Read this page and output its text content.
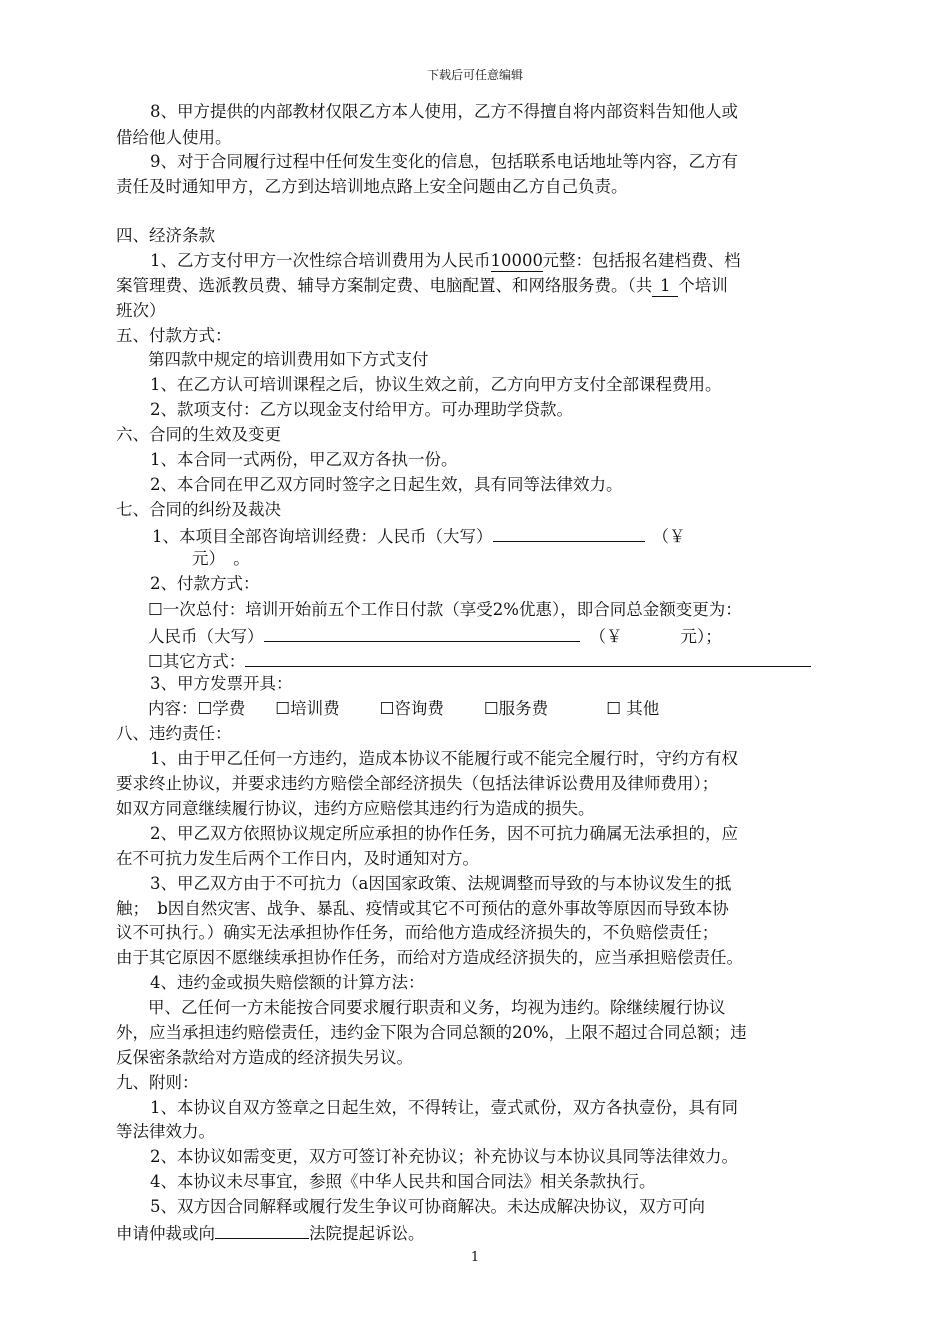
下载后可任意编辑
8、甲方提供的内部教材仅限乙方本人使用，乙方不得擅自将内部资料告知他人或
借给他人使用。
9、对于合同履行过程中任何发生变化的信息，包括联系电话地址等内容，乙方有
责任及时通知甲方，乙方到达培训地点路上安全问题由乙方自己负责。
四、经济条款
1、乙方支付甲方一次性综合培训费用为人民币10000元整：包括报名建档费、档
案管理费、选派教员费、辅导方案制定费、电脑配置、和网络服务费。（共 1 个培训
班次）
五、付款方式：
第四款中规定的培训费用如下方式支付
1、在乙方认可培训课程之后，协议生效之前，乙方向甲方支付全部课程费用。
2、款项支付：乙方以现金支付给甲方。可办理助学贷款。
六、合同的生效及变更
1、本合同一式两份，甲乙双方各执一份。
2、本合同在甲乙双方同时签字之日起生效，具有同等法律效力。
七、合同的纠纷及裁决
1、本项目全部咨询培训经费：人民币（大写）	（￥
元）　。
2、付款方式：
☐一次总付：培训开始前五个工作日付款（享受2%优惠），即合同总金额变更为：
人民币（大写）	（￥	元）；
☐其它方式：
3、甲方发票开具：
内容：☐学费 ☐培训费 ☐咨询费 ☐服务费	☐ 其他
八、违约责任：
1、由于甲乙任何一方违约，造成本协议不能履行或不能完全履行时，守约方有权
要求终止协议，并要求违约方赔偿全部经济损失（包括法律诉讼费用及律师费用）；
如双方同意继续履行协议，违约方应赔偿其违约行为造成的损失。
2、甲乙双方依照协议规定所应承担的协作任务，因不可抗力确属无法承担的，应
在不可抗力发生后两个工作日内，及时通知对方。
3、甲乙双方由于不可抗力（a因国家政策、法规调整而导致的与本协议发生的抵
触；　b因自然灾害、战争、暴乱、疫情或其它不可预估的意外事故等原因而导致本协
议不可执行。）确实无法承担协作任务，而给他方造成经济损失的，不负赔偿责任；
由于其它原因不愿继续承担协作任务，而给对方造成经济损失的，应当承担赔偿责任。
4、违约金或损失赔偿额的计算方法：
甲、乙任何一方未能按合同要求履行职责和义务，均视为违约。除继续履行协议
外，应当承担违约赔偿责任，违约金下限为合同总额的20%，上限不超过合同总额；违
反保密条款给对方造成的经济损失另议。
九、附则：
1、本协议自双方签章之日起生效，不得转让，壹式贰份，双方各执壹份，具有同
等法律效力。
2、本协议如需变更，双方可签订补充协议；补充协议与本协议具同等法律效力。
4、本协议未尽事宜，参照《中华人民共和国合同法》相关条款执行。
5、双方因合同解释或履行发生争议可协商解决。未达成解决协议，双方可向
申请仲裁或向	法院提起诉讼。
1
